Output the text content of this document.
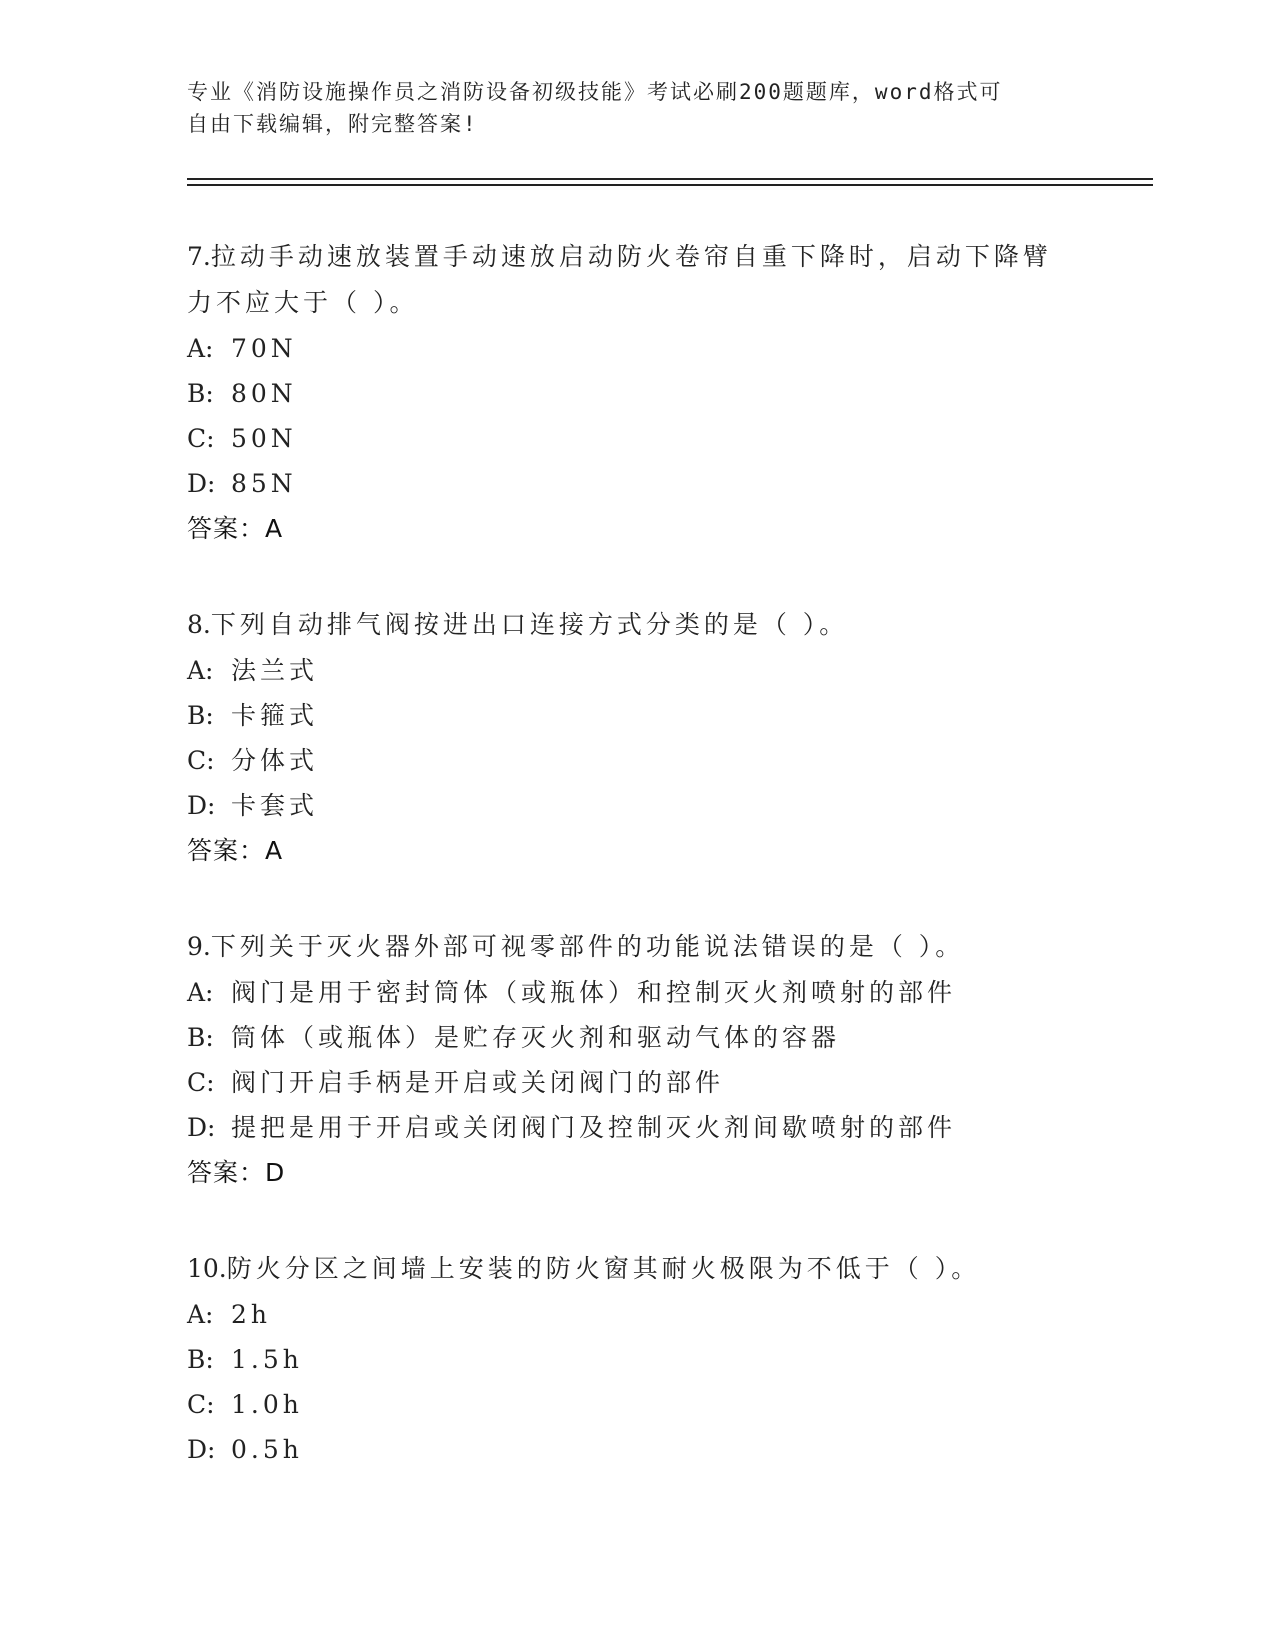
专业《消防设施操作员之消防设备初级技能》考试必刷200题题库，word格式可
自由下载编辑，附完整答案!
7.拉动手动速放装置手动速放启动防火卷帘自重下降时，启动下降臂
力不应大于（ ）。
A: 70N
B: 80N
C: 50N
D: 85N
答案：A
8.下列自动排气阀按进出口连接方式分类的是（ ）。
A: 法兰式
B: 卡箍式
C: 分体式
D: 卡套式
答案：A
9.下列关于灭火器外部可视零部件的功能说法错误的是（ ）。
A: 阀门是用于密封筒体（或瓶体）和控制灭火剂喷射的部件
B: 筒体（或瓶体）是贮存灭火剂和驱动气体的容器
C: 阀门开启手柄是开启或关闭阀门的部件
D: 提把是用于开启或关闭阀门及控制灭火剂间歇喷射的部件
答案：D
10.防火分区之间墙上安装的防火窗其耐火极限为不低于（ ）。
A: 2h
B: 1.5h
C: 1.0h
D: 0.5h
